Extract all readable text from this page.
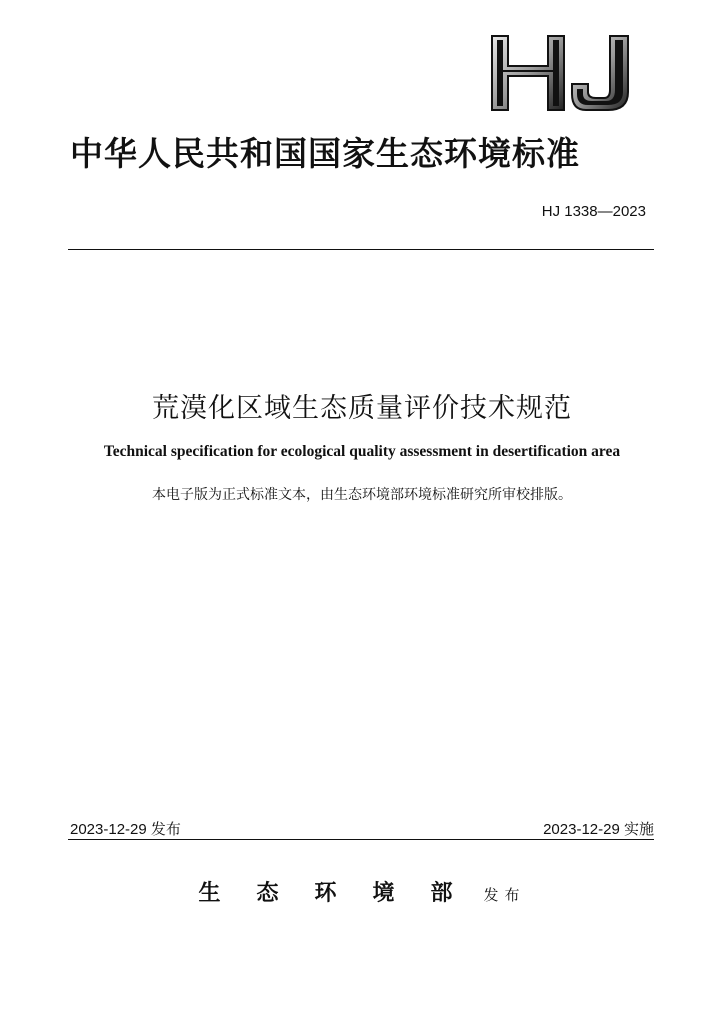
中华人民共和国国家生态环境标准
HJ 1338—2023
荒漠化区域生态质量评价技术规范
Technical specification for ecological quality assessment in desertification area
本电子版为正式标准文本，由生态环境部环境标准研究所审校排版。
2023-12-29 发布	2023-12-29 实施
生态环境部 发布
